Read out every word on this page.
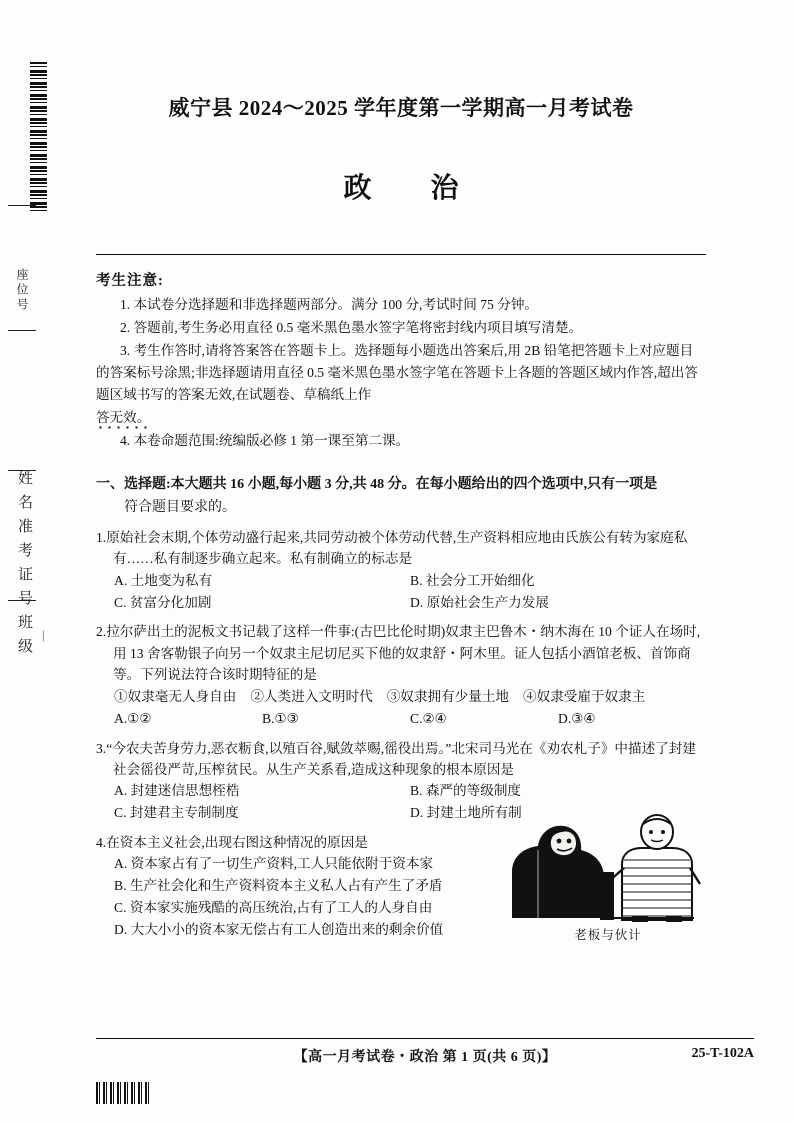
座位号
姓名准考证号班级 —
威宁县 2024～2025 学年度第一学期高一月考试卷
政 治
考生注意:
1. 本试卷分选择题和非选择题两部分。满分 100 分,考试时间 75 分钟。
2. 答题前,考生务必用直径 0.5 毫米黑色墨水签字笔将密封线内项目填写清楚。
3. 考生作答时,请将答案答在答题卡上。选择题每小题选出答案后,用 2B 铅笔把答题卡上对应题目的答案标号涂黑;非选择题请用直径 0.5 毫米黑色墨水签字笔在答题卡上各题的答题区域内作答,超出答题区域书写的答案无效,在试题卷、草稿纸上作
答无效。
4. 本卷命题范围:统编版必修 1 第一课至第二课。
一、选择题:本大题共 16 小题,每小题 3 分,共 48 分。在每小题给出的四个选项中,只有一项是
符合题目要求的。
1.原始社会末期,个体劳动盛行起来,共同劳动被个体劳动代替,生产资料相应地由氏族公有转为家庭私有……私有制逐步确立起来。私有制确立的标志是
A. 土地变为私有	B. 社会分工开始细化
C. 贫富分化加剧	D. 原始社会生产力发展
2.拉尔萨出土的泥板文书记载了这样一件事:(古巴比伦时期)奴隶主巴鲁木・纳木海在 10 个证人在场时,用 13 舍客勒银子向另一个奴隶主尼切尼买下他的奴隶舒・阿木里。证人包括小酒馆老板、首饰商等。下列说法符合该时期特征的是
①奴隶毫无人身自由 ②人类进入文明时代 ③奴隶拥有少量土地 ④奴隶受雇于奴隶主
A.①②	B.①③	C.②④	D.③④
3.“今农夫苦身劳力,恶衣粝食,以殖百谷,赋敛萃赐,徭役出焉。”北宋司马光在《劝农札子》中描述了封建社会徭役严苛,压榨贫民。从生产关系看,造成这种现象的根本原因是
A. 封建迷信思想桎梏	B. 森严的等级制度
C. 封建君主专制制度	D. 封建土地所有制
4.在资本主义社会,出现右图这种情况的原因是
A. 资本家占有了一切生产资料,工人只能依附于资本家
B. 生产社会化和生产资料资本主义私人占有产生了矛盾
C. 资本家实施残酷的高压统治,占有了工人的人身自由
D. 大大小小的资本家无偿占有工人创造出来的剩余价值	老板与伙计
【高一月考试卷・政治 第 1 页(共 6 页)】	25-T-102A
